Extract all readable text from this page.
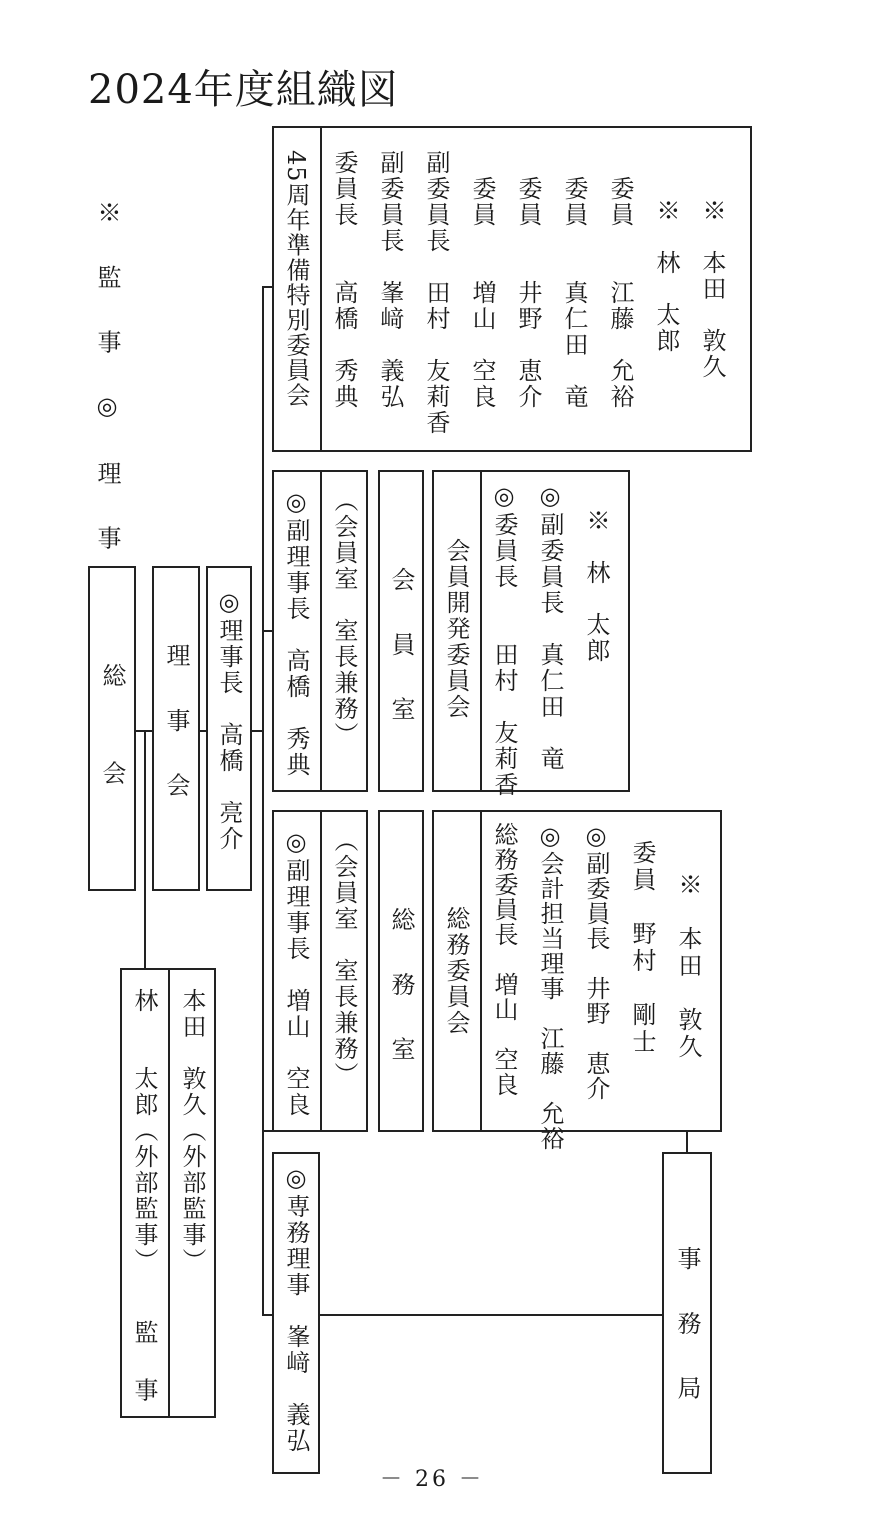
2024年度組織図
◎　理　事
※　監　事
総　　会 理　事　会 ◎理事長　高橋　亮介
林　　太郎（外部監事） 本田　敦久（外部監事）
監　事	◎専務理事　峯﨑　義弘	事　務　局
◎副理事長　高橋　秀典 （会員室　室長兼務） 会　員　室 会員開発委員会 ◎委員長　　田村　友莉香 ◎副委員長　真仁田　竜 　※　林　太郎
◎副理事長　増山　空良 （会員室　室長兼務） 総　務　室 総務委員会 総務委員長　増山　空良 ◎会計担当理事　江藤　允裕 ◎副委員長　井野　恵介 委員　野村　剛士 ※　本田　敦久
45周年準備特別委員会 委員長　　高橋　秀典 副委員長　峯﨑　義弘 副委員長　田村　友莉香 委員　　増山　空良 委員　　井野　恵介 委員　　真仁田　竜 委員　　江藤　允裕 ※　林　太郎 ※　本田　敦久
－ 26 －
